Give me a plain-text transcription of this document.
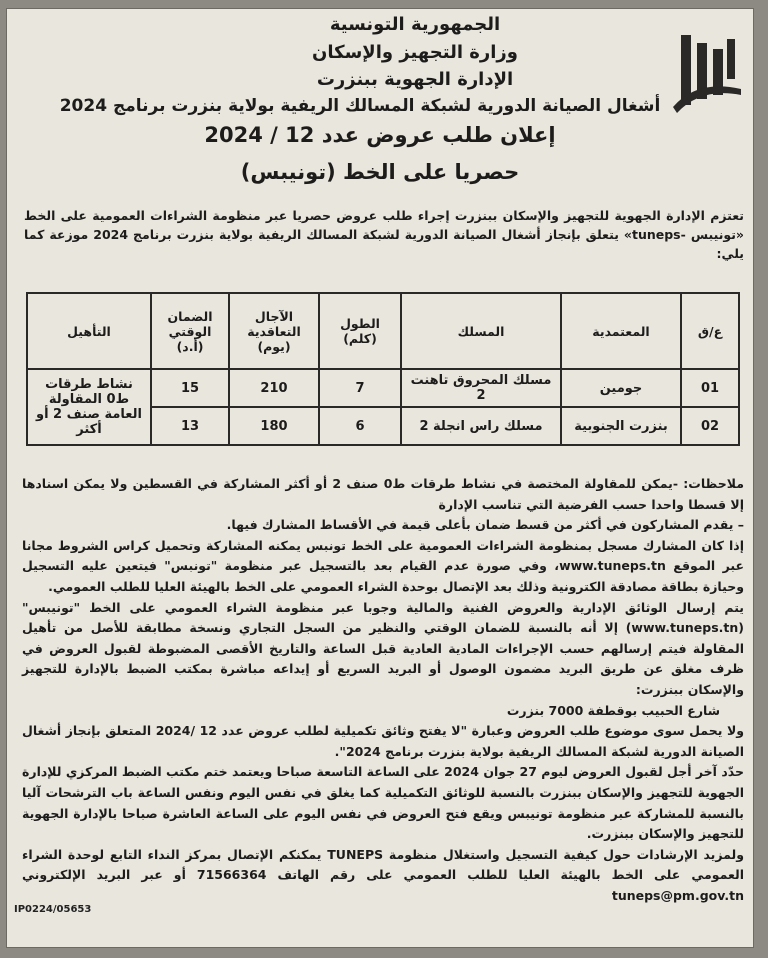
الجمهورية التونسية
وزارة التجهيز والإسكان
الإدارة الجهوية ببنزرت
أشغال الصيانة الدورية لشبكة المسالك الريفية بولاية بنزرت برنامج 2024
إعلان طلب عروض عدد 12 / 2024
حصريا على الخط (تونيبس)
تعتزم الإدارة الجهوية للتجهيز والإسكان ببنزرت إجراء طلب عروض حصريا عبر منظومة الشراءات العمومية على الخط «تونيبس -tuneps» يتعلق بإنجاز أشغال الصيانة الدورية لشبكة المسالك الريفية بولاية بنزرت برنامج 2024 موزعة كما يلي:
ع/ق	المعتمدية	المسلك	الطول (كلم)	الآجال التعاقدية (يوم)	الضمان الوقتي (أ.د)	التأهيل
01	جومين	مسلك المحروق تاهنت 2	7	210	15	نشاط طرقات ط0 المقاولة العامة صنف 2 أو أكثر
02	بنزرت الجنوبية	مسلك راس انجلة 2	6	180	13	

ملاحظات: -يمكن للمقاولة المختصة في نشاط طرقات ط0 صنف 2 أو أكثر المشاركة في القسطين ولا يمكن اسنادها إلا قسطا واحدا حسب الفرضية التي تناسب الإدارة

– يقدم المشاركون في أكثر من قسط ضمان بأعلى قيمة في الأقساط المشارك فيها.

إذا كان المشارك مسجل بمنظومة الشراءات العمومية على الخط تونبس يمكنه المشاركة وتحميل كراس الشروط مجانا عبر الموقع www.tuneps.tn، وفي صورة عدم القيام بعد بالتسجيل عبر منظومة "تونبس" فيتعين عليه التسجيل وحيازة بطاقة مصادقة الكترونية وذلك بعد الإتصال بوحدة الشراء العمومي على الخط بالهيئة العليا للطلب العمومي.

يتم إرسال الوثائق الإدارية والعروض الفنية والمالية وجوبا عبر منظومة الشراء العمومي على الخط "تونيبس" (www.tuneps.tn) إلا أنه بالنسبة للضمان الوقتي والنظير من السجل التجاري ونسخة مطابقة للأصل من تأهيل المقاولة فيتم إرسالهم حسب الإجراءات المادية العادية قبل الساعة والتاريخ الأقصى المضبوطة لقبول العروض في ظرف مغلق عن طريق البريد مضمون الوصول أو البريد السريع أو إيداعه مباشرة بمكتب الضبط بالإدارة للتجهيز والإسكان ببنزرت:

شارع الحبيب بوقطفة 7000 بنزرت

ولا يحمل سوى موضوع طلب العروض وعبارة "لا يفتح وثائق تكميلية لطلب عروض عدد 12 /2024 المتعلق بإنجاز أشغال الصيانة الدورية لشبكة المسالك الريفية بولاية بنزرت برنامج 2024".

حدّد آخر أجل لقبول العروض ليوم 27 جوان 2024 على الساعة التاسعة صباحا ويعتمد ختم مكتب الضبط المركزي للإدارة الجهوية للتجهيز والإسكان ببنزرت بالنسبة للوثائق التكميلية كما يغلق في نفس اليوم ونفس الساعة باب الترشحات آليا بالنسبة للمشاركة عبر منظومة تونيبس ويقع فتح العروض في نفس اليوم على الساعة العاشرة صباحا بالإدارة الجهوية للتجهيز والإسكان ببنزرت.

ولمزيد الإرشادات حول كيفية التسجيل واستغلال منظومة TUNEPS يمكنكم الإتصال بمركز النداء التابع لوحدة الشراء العمومي على الخط بالهيئة العليا للطلب العمومي على رقم الهاتف 71566364 أو عبر البريد الإلكتروني tuneps@pm.gov.tn

IP0224/05653
